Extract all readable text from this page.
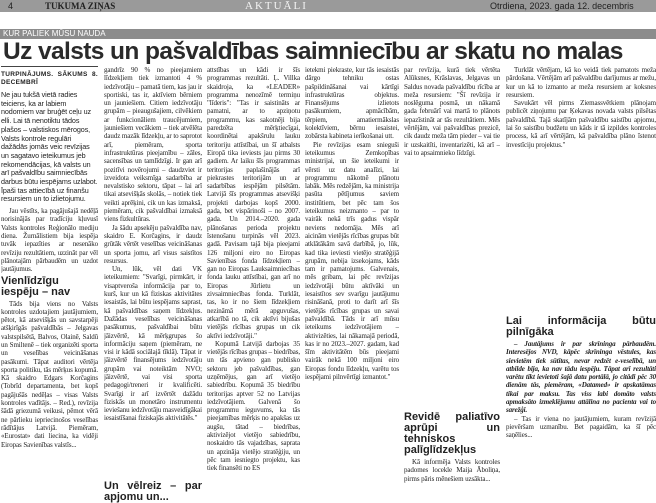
4	TUKUMA ZIŅAS	AKTUĀLI	Otrdiena, 2023. gada 12. decembris
KUR PALIEK MŪSU NAUDA
Uz valsts un pašvaldības saimniecību ar skatu no malas
TURPINĀJUMS. SĀKUMS 8. DECEMBRĪ

Ne jau tukšā vietā radies teiciens, ka ar labiem nodomiem var bruģēt ceļu uz elli. Lai tā nenotiktu tādos plašos – valstiskos mērogos, Valsts kontrole regulāri dažādās jomās veic revīzijas un sagatavo ieteikumus jeb rekomendācijas, kā valsts un arī pašvaldību saimniecībās darbus būtu iespējams uzlabot. Īpaši tas attiecībā uz finanšu resursiem un to izlietojumu.

Jau vēstīts, ka pagājušajā nedēļā norisinājās par tradīciju kļuvusī Valsts kontroles Reģionālo mediju diena. Žurnālistiem bija iespēja tuvāk iepazīties ar nesenāko revīziju rezultātiem, uzzināt par vēl plānotajām pārbaudēm un uzdot jautājumus.

Vienlīdzīgu iespēju – nav

Tāds bija viens no Valsts kontroles uzdotajiem jautājumiem, pētot, kā atsevišķās un savstarpēji atšķirīgās pašvaldībās – Jelgavas valstspilsētā, Balvos, Olainē, Saldū un Smiltenē – tiek organizēti sporta un veselības veicināšanas pasākumi. Tāpat auditori vērtēja sporta politiku, tās mērķus kopumā. Kā skaidro Edgars Korčagins (Tobrīd departamenta, bet kopš pagājušās nedēļas – visas Valsts kontroles vadītājs. – Red.), revīzija šādā griezumā veikusi, pēmot vērā ne pārlieku iepriecinošos veselības rādītājus Latvijā. Piemēram, «Eurostat» dati liecina, ka vidēji Eiropas Savienības valstīs...

gandrīz 90 % no pieejamiem līdzekļiem tiek izmantoti 4 % iedzīvotāju – pamatā tiem, kas jau ir sportiski, tas ir, aktīviem bērniem un jauniešiem. Citiem iedzīvotāju grupām – pieaugušajiem, cilvēkiem ar funkcionāliem traucējumiem, jauniešiem vecākiem – tiek atvēlēta daudz mazāk līdzekļu, ar to saprotot arī, piemēram, sporta infrastruktūras pieejamību – zāles, sacensības un tamlīdzīgi. Ir gan arī pozitīvi novērojumi – daudzviet ir izveidota veiksmīga sadarbība ar nevalstisko sektoru, tāpat – lai arī tikai atsevišķās skolās, – notiek tiek veikti aprēķini, cik un kas izmaksā, piemēram, cik pašvaldībai izmaksā viens fizkultūras.

Ja šādu apsekēju pašvaldība nav, skaidro E. Korčagins, ir daudz grūtāk vērtēt veselības veicināšanas un sporta jomu, arī visus saistītos resursus.

Un, lūk, vēl dati VK ieteikumiem: "Svarīgi, pirmkārt, ir visaptveroša informācija par to, kurš, kur un kā fiziskas aktivitātes iesaistās, lai būtu iespējams saprast, kā pašvaldības saņem līdzekļus. Dažādas veselības veicināšanas pasākumus, pašvaldībai būtu jāizvērtē, kā mērķgrupas šo informāciju saņem (piemēram, ne visi ir kādā sociālajā tīklā). Tāpat ir jāizvērtē finansējums iedzīvotāju grupām vai noteiktām NVO; jāizvērtē, vai visi sporta pedagogi/treneri ir kvalificēti. Svarīgi ir arī izvērtēt dažādu fiziskās un monetāro instrumentu ieviešanu iedzīvotāju masveidīgākai iesaistīšanai fiziskajās aktivitātēs."

Un vēlreiz – par apjomu un...

attstības un kādi ir šīs programmas rezultāti. Ļ. Villka skaidroja, ka «LEADER» programma nenozīmē termiņu "līderis": "Tas ir saistināts ar pamatni, ar to apziņotu programmu, kas sakotnēji bija paredzēta mērķtiecīgai, koordinētai apakšrulu lauku teritoriju attīstībai, un šī atbalsts Eiropā tika ieviests jau pirms 30 gadiem. Ar laiku šīs programmas teritorijas paplašinājās arī piekrastes teritorijām un ar sadarbības iespējām pilsētām. Latvijā šīs programmas atsevišķi projekti darbojas kopš 2000. gada, bet vispārinoši – no 2007. gada. Un 2014.–2020. gada plānošanas perioda projektu īstenošanu turpinās vēl 2023. gadā. Pavisam tajā bija pieejami 126 miljoni eiro no Eiropas Savienības fonda līdzekļiem – gan no Eiropas Lauksaimniecības fonda lauku attīstībai, gan arī no Eiropas Jūrlietu un zivsaimniecības fonda. Turklāt, tas, ko ir no šiem līdzekļiem nezināmā mērā apguvušas, atkarībā no tā, cik aktīvi bijušas vietējās rīcības grupas un cik aktīvi iedzīvotāji."

Kopumā Latvijā darbojas 35 vietējās rīcības grupas – biedrības, un tās apvieno gan publisko sektoru jeb pašvaldības, gan uzņēmējus, gan arī vietējo sabiedrību. Kopumā 35 biedrību teritorijas aptver 52 no Latvijas iedzīvotājiem. Galvenā šo programmu ieguvums, ka tās pieejamības mērķis no apakšas uz augšu, tātad – biedrības, aktivizējot vietējo sabiedrību, noskaidro tās vajadzības, saprata un apzināja vietējo stratēģiju, un pēc tam iesniegto projektu, kas tiek finansēti no ES

ietekmi piekraste, kur tās iesaistās dārgo tehniku ostas pašpildināšanai vai kārtīgi infrastruktūras objektus. Finansējums izlietots pasākumiem, apmācībām, tērpiem, amatiermākslas kolektīviem, bērnu iesaistei, zobārsta kabineta ierīkošanai utt.

Pie revīzijas esam snieguši ieteikumus Zemkopības ministrijai, un šie ieteikumi ir vērsti uz datu analīzi, lai programmu nākotnē plānotu labāk. Mēs redzējām, ka ministrija pasūta pētījumus saviem institūtiem, bet pēc tam šos ieteikumus neizmanto – par to vairāk nekā trīs gadus vispār neviens nedomāja. Mēs arī aicinām vietējās rīcības grupas būt atklātākām savā darbībā, jo, lūk, kad tika ieviesti vietējo stratēģijā grupām, nebija izsekojams, kāds tam ir pamatojums. Galvenais, mēs gribam, lai pēc revīzijas iedzīvotāji būtu aktīvāki un iesaistītos sev svarīgu jautājumu risināšanā, proti to darīt arī šīs vietējās rīcības grupas un savai pašvaldībā. Tāds ir arī mūsu ieteikums iedzīvotājiem – aktivizēties, lai nākamajā periodā, kas ir no 2023.–2027. gadam, kad šīm aktivitātēm būs pieejami vairāk nekā 100 miljoni eiro Eiropas fondu līdzekļu, varētu tos iespējami pilnvērtīgi izmantot."

par revīzija, kurā tiek vērtēta Alūksnes, Krāslavas, Jelgavas un Saldus novada pašvaldību rīcība ar meža resursiem: "Šī revīzija ir noslēguma posmā, un nākamā gada februārī vai martā to plānots iepazīstināt ar tās rezultātiem. Mēs vērtējām, vai pašvaldības prezicē, cik daudz meža tām pieder – vai tie ir uzskaitīti, inventarizēti, kā arī – vai to apsaimnieko līdzīgi.

Revidē paliatīvo aprūpi un tehniskos palīglīdzekļus

Kā informēja Valsts kontroles padomes locekle Maija Āboliņa, pirms pāris mēnešiem uzsākta...

Turklāt vērtējam, kā ko veidā tiek pamatots meža pārdošana. Vērtējām arī pašvaldību darījumus ar mežu, kur un kā to izmanto ar meža resursiem ar koksnes resursiem.

Savukārt vēl pirms Ziemassvētkiem plānojam publicēt ziņojumu par Ķekavas novada valsts pilsētas pašvaldībā. Tajā skatījām pašvaldību saistību apjomu, lai šo saistību budžetu un kāds ir tā izpildes kontroles process, kā arī vērtējām, kā pašvaldība plāno īstenot investīciju projektus."

Lai informācija būtu pilnīgāka

– Jautājums ir par skrīninga pārbaudēm. Interesējos NVD, kāpēc skrīninga vēstules, kas sievietēm tiek sūtītas, nevar redzēt e-veselībā, un atbilde bija, ka nav tādu iespēju. Tāpat arī rezultāti varētu tikt ievietoti šajā datu portālā, jo citādi pēc 30 dienām tās, piemēram, «Datamed» ir apskatāmas tikai par maksu. Tas viss labi domāto valsts apmaksāto izmeklējumu attālina no pacienta vai to sarežģī.

– Tas ir viena no jautājumiem, kuram revīzijā pievēršam uzmanību. Bet pagaidām, ka šī pēc saņēlies...
